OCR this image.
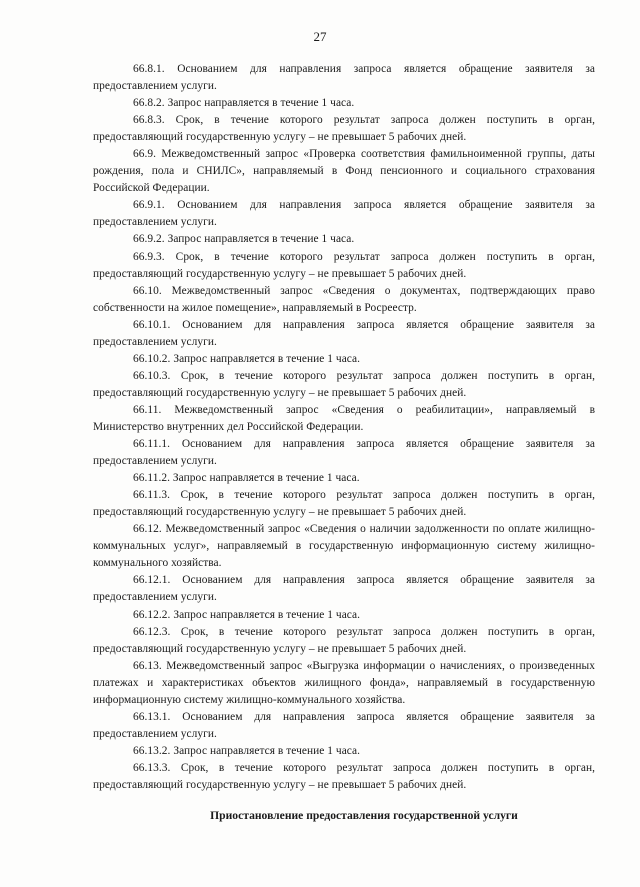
27

66.8.1. Основанием для направления запроса является обращение заявителя за предоставлением услуги.

66.8.2. Запрос направляется в течение 1 часа.

66.8.3. Срок, в течение которого результат запроса должен поступить в орган, предоставляющий государственную услугу – не превышает 5 рабочих дней.

66.9. Межведомственный запрос «Проверка соответствия фамильноименной группы, даты рождения, пола и СНИЛС», направляемый в Фонд пенсионного и социального страхования Российской Федерации.

66.9.1. Основанием для направления запроса является обращение заявителя за предоставлением услуги.

66.9.2. Запрос направляется в течение 1 часа.

66.9.3. Срок, в течение которого результат запроса должен поступить в орган, предоставляющий государственную услугу – не превышает 5 рабочих дней.

66.10. Межведомственный запрос «Сведения о документах, подтверждающих право собственности на жилое помещение», направляемый в Росреестр.

66.10.1. Основанием для направления запроса является обращение заявителя за предоставлением услуги.

66.10.2. Запрос направляется в течение 1 часа.

66.10.3. Срок, в течение которого результат запроса должен поступить в орган, предоставляющий государственную услугу – не превышает 5 рабочих дней.

66.11. Межведомственный запрос «Сведения о реабилитации», направляемый в Министерство внутренних дел Российской Федерации.

66.11.1. Основанием для направления запроса является обращение заявителя за предоставлением услуги.

66.11.2. Запрос направляется в течение 1 часа.

66.11.3. Срок, в течение которого результат запроса должен поступить в орган, предоставляющий государственную услугу – не превышает 5 рабочих дней.

66.12. Межведомственный запрос «Сведения о наличии задолженности по оплате жилищно-коммунальных услуг», направляемый в государственную информационную систему жилищно-коммунального хозяйства.

66.12.1. Основанием для направления запроса является обращение заявителя за предоставлением услуги.

66.12.2. Запрос направляется в течение 1 часа.

66.12.3. Срок, в течение которого результат запроса должен поступить в орган, предоставляющий государственную услугу – не превышает 5 рабочих дней.

66.13. Межведомственный запрос «Выгрузка информации о начислениях, о произведенных платежах и характеристиках объектов жилищного фонда», направляемый в государственную информационную систему жилищно-коммунального хозяйства.

66.13.1. Основанием для направления запроса является обращение заявителя за предоставлением услуги.

66.13.2. Запрос направляется в течение 1 часа.

66.13.3. Срок, в течение которого результат запроса должен поступить в орган, предоставляющий государственную услугу – не превышает 5 рабочих дней.

Приостановление предоставления государственной услуги
